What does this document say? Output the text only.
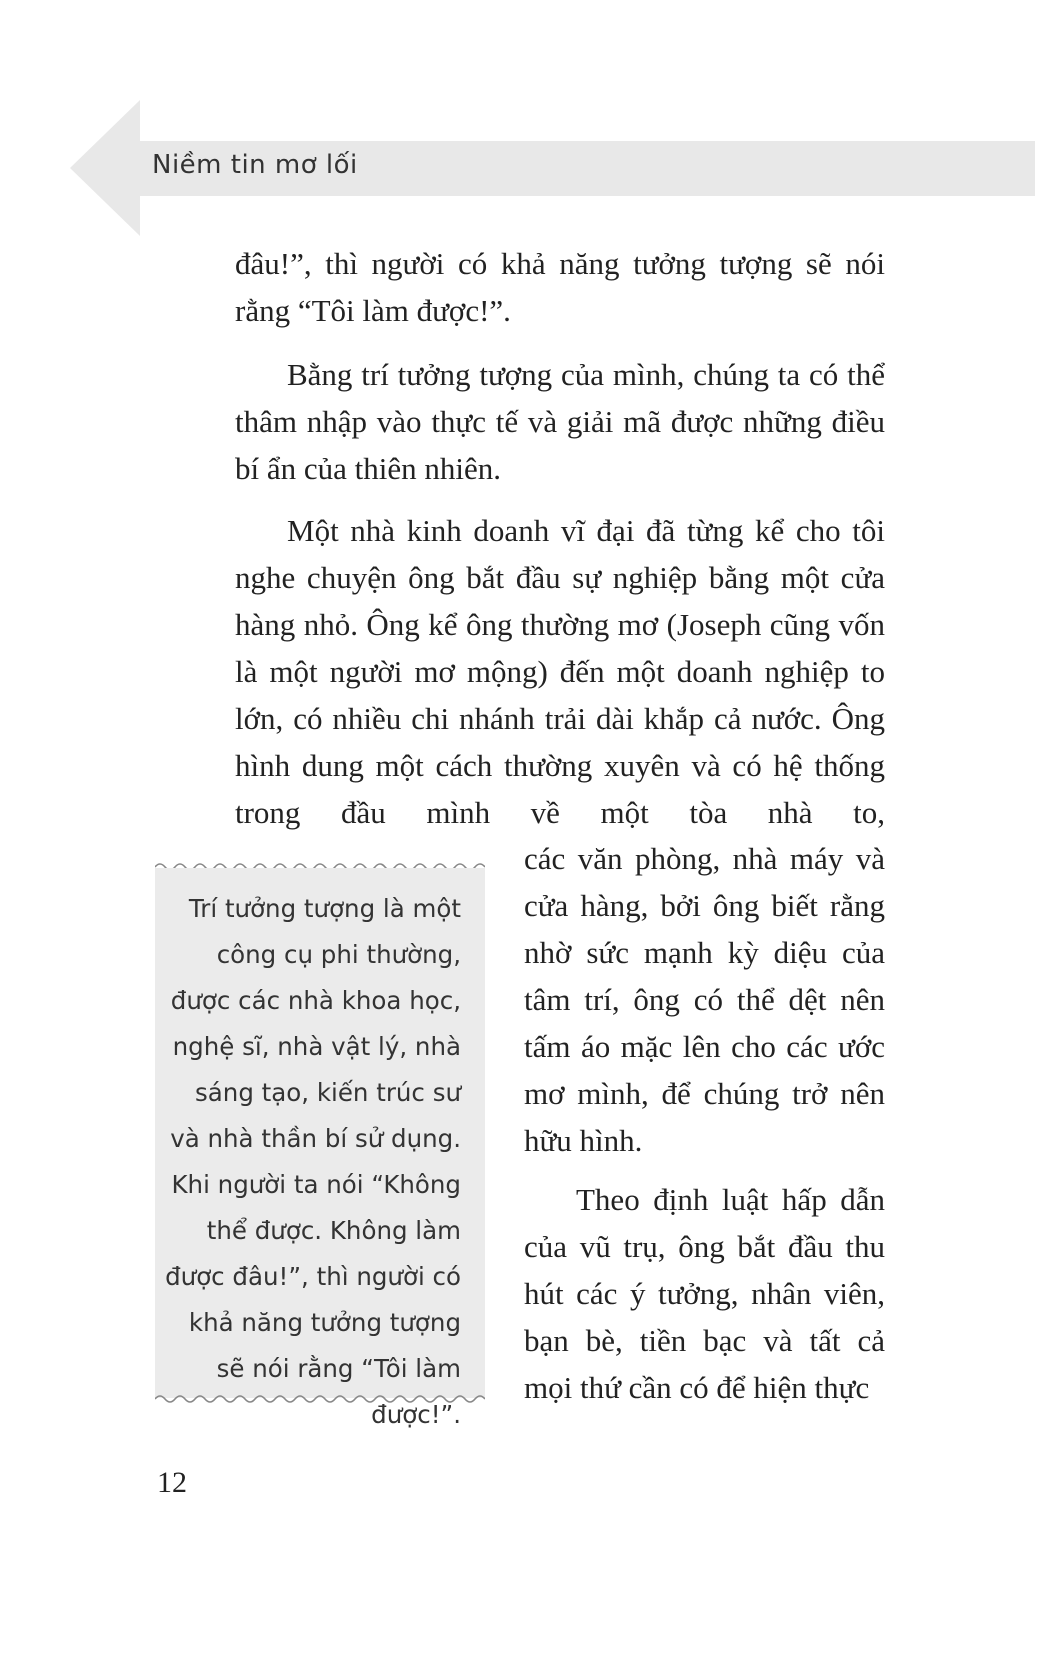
Niềm tin mơ lối

đâu!”, thì người có khả năng tưởng tượng sẽ nói rằng “Tôi làm được!”.

Bằng trí tưởng tượng của mình, chúng ta có thể thâm nhập vào thực tế và giải mã được những điều bí ẩn của thiên nhiên.

Một nhà kinh doanh vĩ đại đã từng kể cho tôi nghe chuyện ông bắt đầu sự nghiệp bằng một cửa hàng nhỏ. Ông kể ông thường mơ (Joseph cũng vốn là một người mơ mộng) đến một doanh nghiệp to lớn, có nhiều chi nhánh trải dài khắp cả nước. Ông hình dung một cách thường xuyên và có hệ thống trong đầu mình về một tòa nhà to,

các văn phòng, nhà máy và cửa hàng, bởi ông biết rằng nhờ sức mạnh kỳ diệu của tâm trí, ông có thể dệt nên tấm áo mặc lên cho các ước mơ mình, để chúng trở nên hữu hình.

Theo định luật hấp dẫn của vũ trụ, ông bắt đầu thu hút các ý tưởng, nhân viên, bạn bè, tiền bạc và tất cả mọi thứ cần có để hiện thực

Trí tưởng tượng là một công cụ phi thường, được các nhà khoa học, nghệ sĩ, nhà vật lý, nhà sáng tạo, kiến trúc sư và nhà thần bí sử dụng. Khi người ta nói “Không thể được. Không làm được đâu!”, thì người có khả năng tưởng tượng sẽ nói rằng “Tôi làm được!”.

12
